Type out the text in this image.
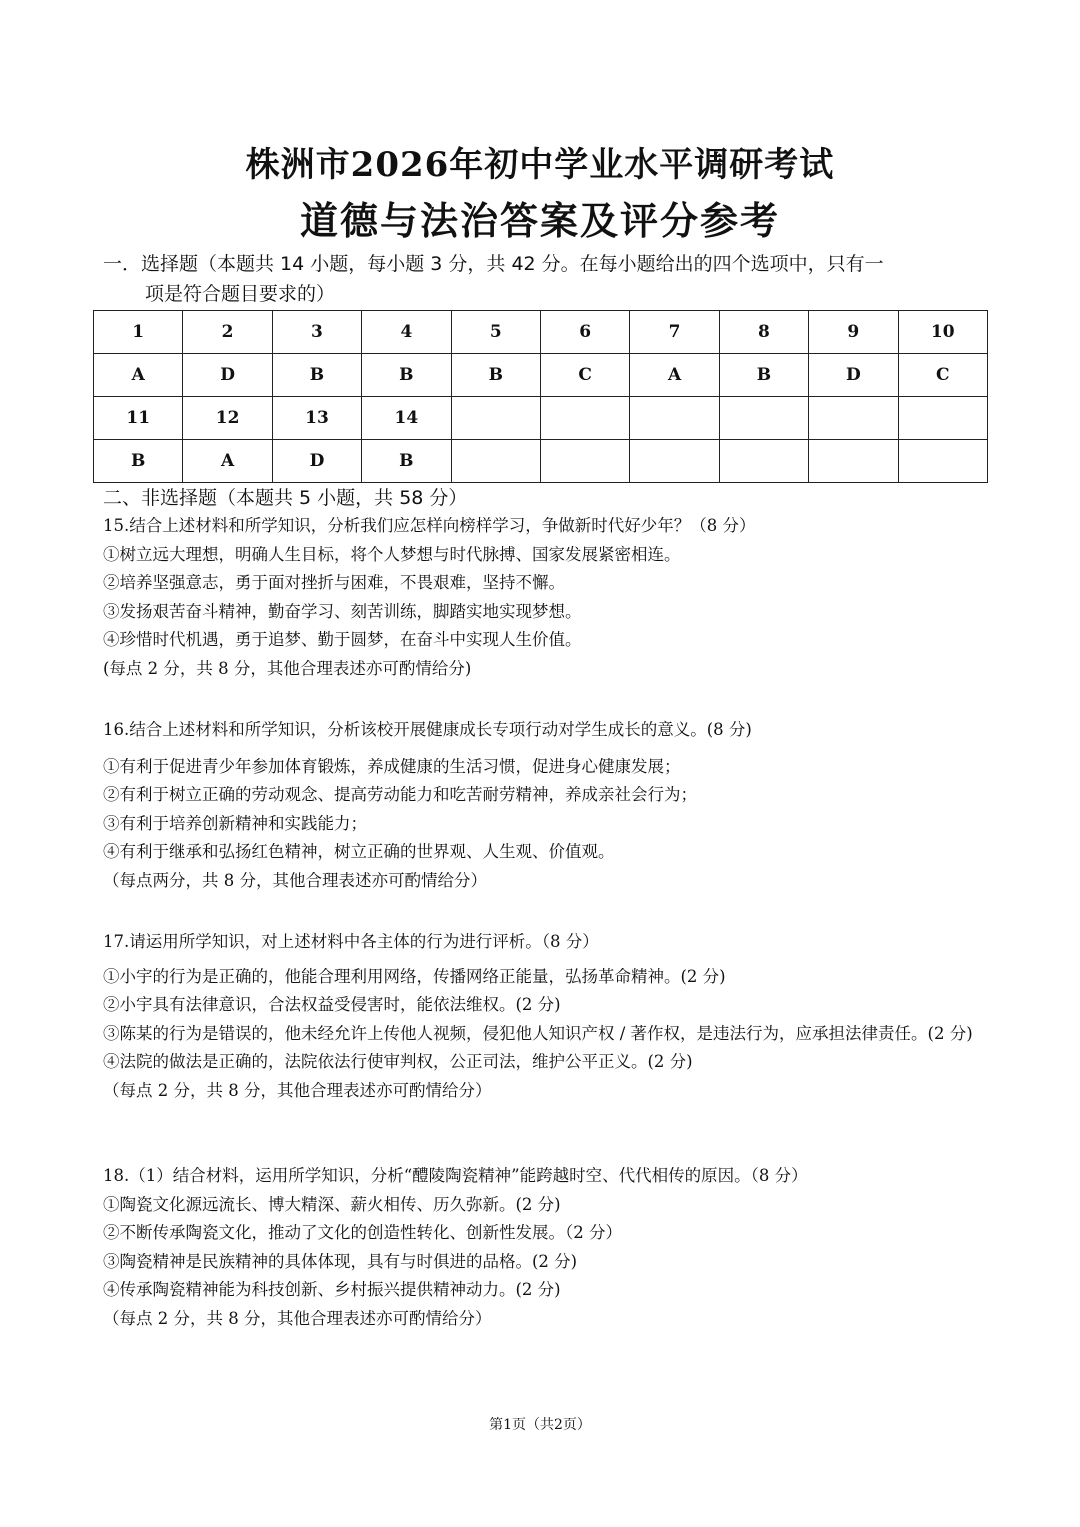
株洲市2026年初中学业水平调研考试
道德与法治答案及评分参考
一．选择题（本题共 14 小题，每小题 3 分，共 42 分。在每小题给出的四个选项中，只有一
项是符合题目要求的）
1	2	3	4	5	6	7	8	9	10
A	D	B	B	B	C	A	B	D	C
11	12	13	14						
B	A	D	B						
二、非选择题（本题共 5 小题，共 58 分）

15.结合上述材料和所学知识，分析我们应怎样向榜样学习，争做新时代好少年？（8 分）

①树立远大理想，明确人生目标，将个人梦想与时代脉搏、国家发展紧密相连。

②培养坚强意志，勇于面对挫折与困难，不畏艰难，坚持不懈。

③发扬艰苦奋斗精神，勤奋学习、刻苦训练，脚踏实地实现梦想。

④珍惜时代机遇，勇于追梦、勤于圆梦，在奋斗中实现人生价值。

(每点 2 分，共 8 分，其他合理表述亦可酌情给分)

16.结合上述材料和所学知识，分析该校开展健康成长专项行动对学生成长的意义。(8 分)

①有利于促进青少年参加体育锻炼，养成健康的生活习惯，促进身心健康发展；

②有利于树立正确的劳动观念、提高劳动能力和吃苦耐劳精神，养成亲社会行为；

③有利于培养创新精神和实践能力；

④有利于继承和弘扬红色精神，树立正确的世界观、人生观、价值观。

（每点两分，共 8 分，其他合理表述亦可酌情给分）

17.请运用所学知识，对上述材料中各主体的行为进行评析。（8 分）

①小宇的行为是正确的，他能合理利用网络，传播网络正能量，弘扬革命精神。(2 分)

②小宇具有法律意识，合法权益受侵害时，能依法维权。(2 分)

③陈某的行为是错误的，他未经允许上传他人视频，侵犯他人知识产权 / 著作权，是违法行为，应承担法律责任。(2 分)

④法院的做法是正确的，法院依法行使审判权，公正司法，维护公平正义。(2 分)

（每点 2 分，共 8 分，其他合理表述亦可酌情给分）

18.（1）结合材料，运用所学知识，分析“醴陵陶瓷精神”能跨越时空、代代相传的原因。（8 分）

①陶瓷文化源远流长、博大精深、薪火相传、历久弥新。(2 分)

②不断传承陶瓷文化，推动了文化的创造性转化、创新性发展。（2 分）

③陶瓷精神是民族精神的具体体现，具有与时俱进的品格。(2 分)

④传承陶瓷精神能为科技创新、乡村振兴提供精神动力。(2 分)

（每点 2 分，共 8 分，其他合理表述亦可酌情给分）

第1页（共2页）
